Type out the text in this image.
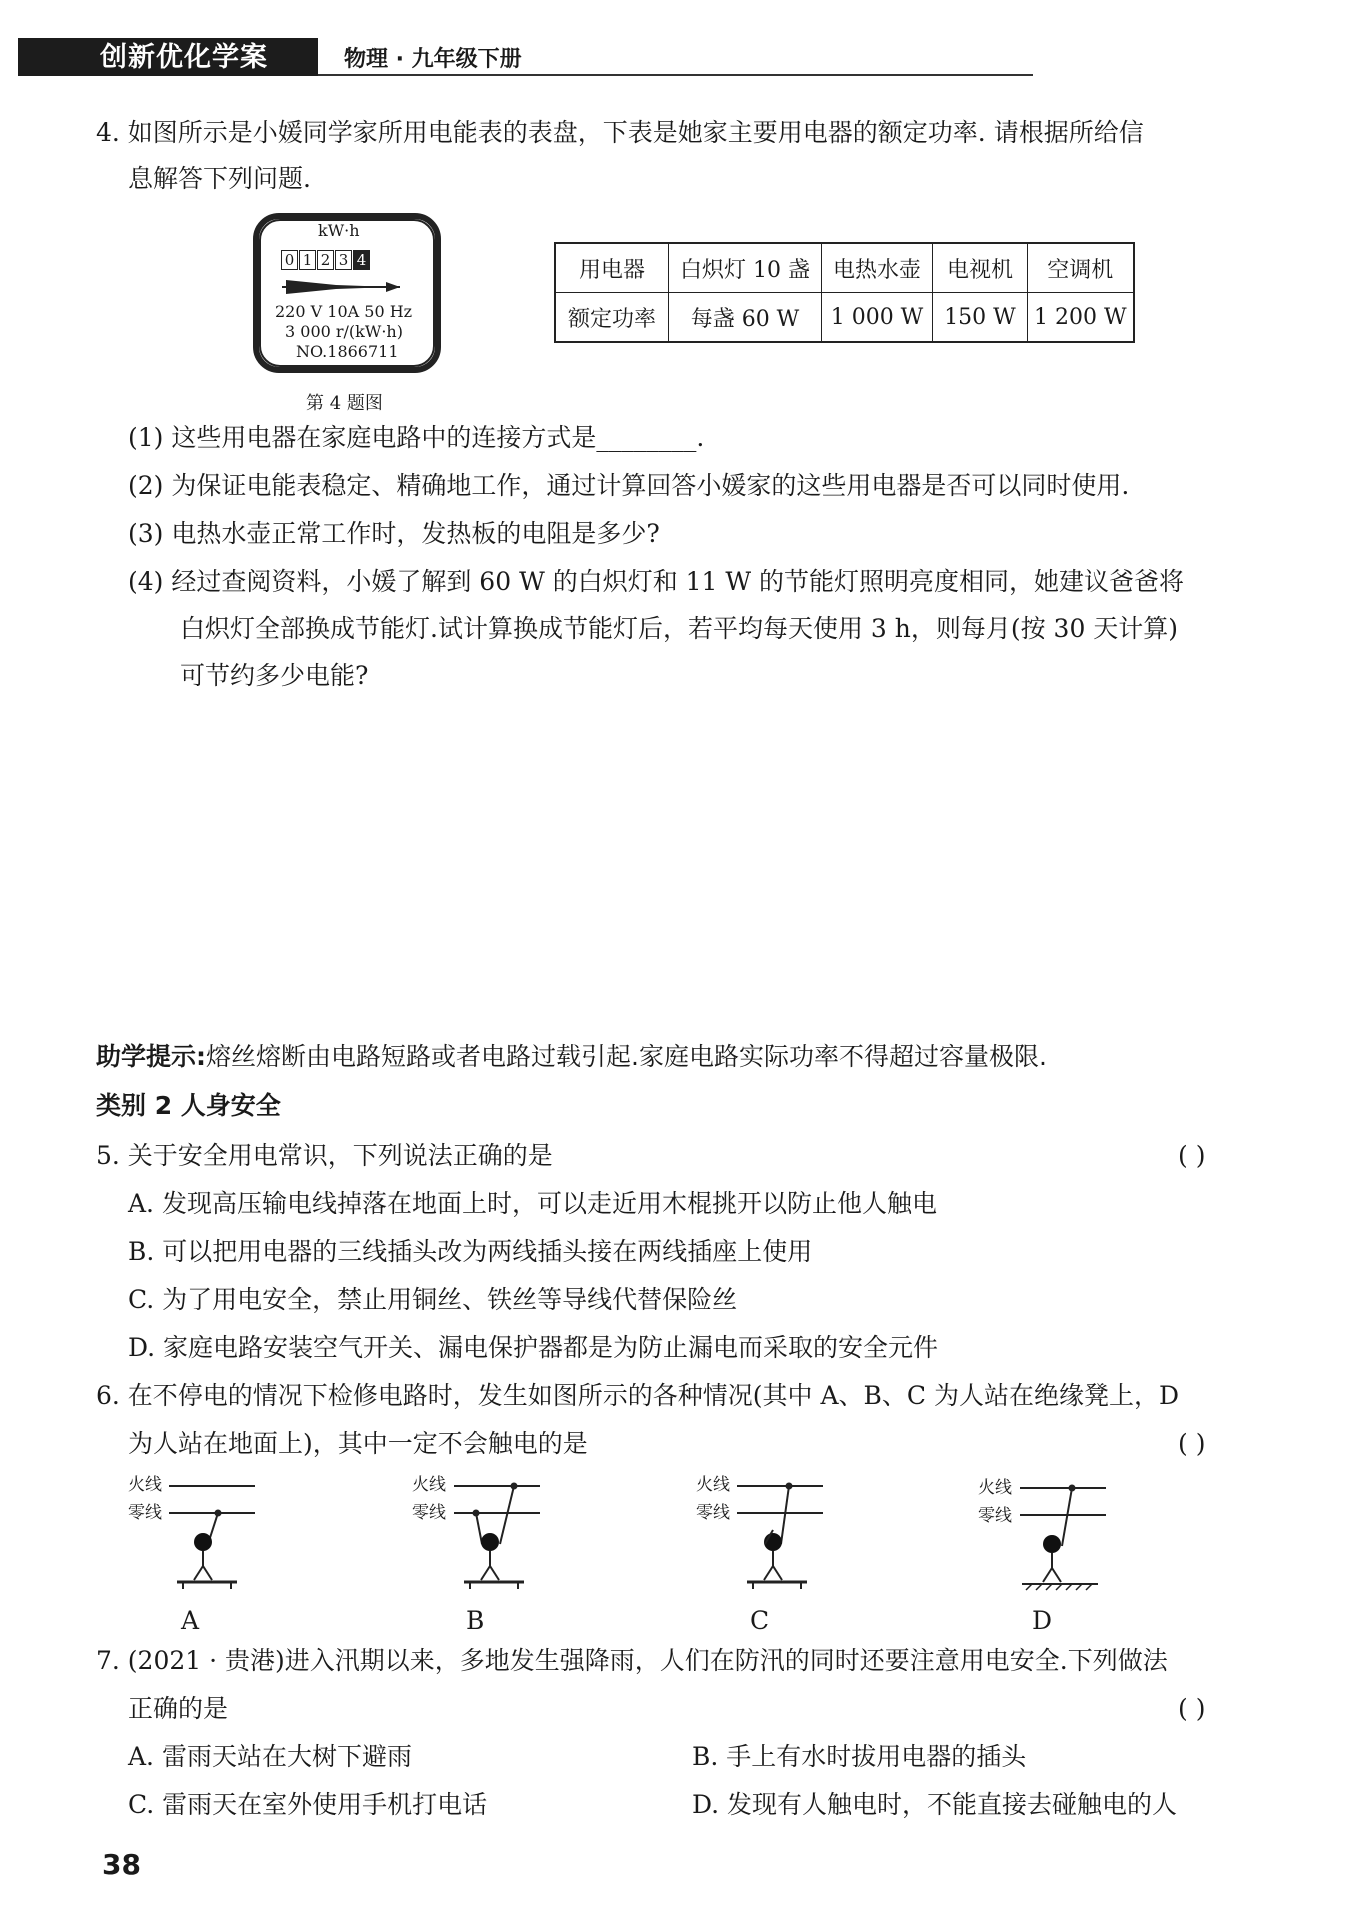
创新优化学案	物理 · 九年级下册
4. 如图所示是小媛同学家所用电能表的表盘，下表是她家主要用电器的额定功率. 请根据所给信
息解答下列问题.
kW·h
0 1 2 3 4
220 V 10A 50 Hz
3 000 r/(kW·h)
NO.1866711
第 4 题图
用电器	白炽灯 10 盏	电热水壶	电视机	空调机
额定功率	每盏 60 W	1 000 W	150 W	1 200 W
(1) 这些用电器在家庭电路中的连接方式是________.
(2) 为保证电能表稳定、精确地工作，通过计算回答小媛家的这些用电器是否可以同时使用.
(3) 电热水壶正常工作时，发热板的电阻是多少?
(4) 经过查阅资料，小媛了解到 60 W 的白炽灯和 11 W 的节能灯照明亮度相同，她建议爸爸将
白炽灯全部换成节能灯.试计算换成节能灯后，若平均每天使用 3 h，则每月(按 30 天计算)
可节约多少电能?
助学提示:熔丝熔断由电路短路或者电路过载引起.家庭电路实际功率不得超过容量极限.
类别 2 人身安全
5. 关于安全用电常识，下列说法正确的是	( )
A. 发现高压输电线掉落在地面上时，可以走近用木棍挑开以防止他人触电
B. 可以把用电器的三线插头改为两线插头接在两线插座上使用
C. 为了用电安全，禁止用铜丝、铁丝等导线代替保险丝
D. 家庭电路安装空气开关、漏电保护器都是为防止漏电而采取的安全元件
6. 在不停电的情况下检修电路时，发生如图所示的各种情况(其中 A、B、C 为人站在绝缘凳上，D
为人站在地面上)，其中一定不会触电的是	( )
火线
零线
A
火线
零线
B
火线
零线
C
火线
零线
D
7. (2021 · 贵港)进入汛期以来，多地发生强降雨，人们在防汛的同时还要注意用电安全.下列做法
正确的是	( )
A. 雷雨天站在大树下避雨	B. 手上有水时拔用电器的插头
C. 雷雨天在室外使用手机打电话	D. 发现有人触电时，不能直接去碰触电的人
38
